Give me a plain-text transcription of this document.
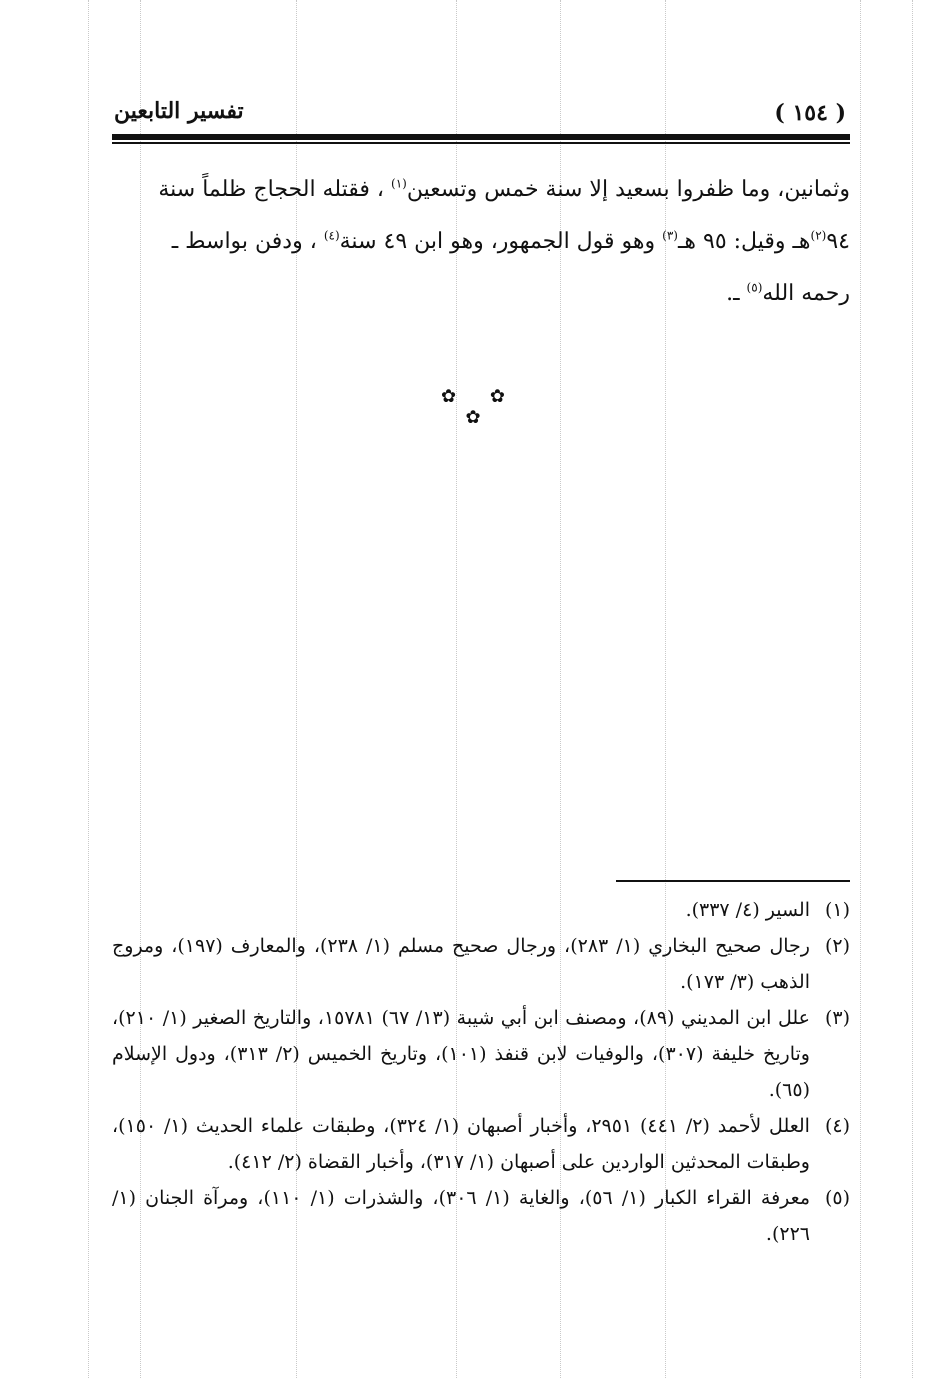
( ١٥٤ )
تفسير التابعين
وثمانين، وما ظفروا بسعيد إلا سنة خمس وتسعين$^{(١)}$ ، فقتله الحجاج ظلماً سنة
٩٤$^{(٢)}$هـ وقيل: ٩٥ هـ$^{(٣)}$ وهو قول الجمهور، وهو ابن ٤٩ سنة$^{(٤)}$ ، ودفن بواسط ـ
رحمه الله$^{(٥)}$ ـ.
✿ ✿ ✿
(١)
السير (٤/ ٣٣٧).
(٢)
رجال صحيح البخاري (١/ ٢٨٣)، ورجال صحيح مسلم (١/ ٢٣٨)، والمعارف (١٩٧)، ومروج الذهب (٣/ ١٧٣).
(٣)
علل ابن المديني (٨٩)، ومصنف ابن أبي شيبة (١٣/ ٦٧) ١٥٧٨١، والتاريخ الصغير (١/ ٢١٠)، وتاريخ خليفة (٣٠٧)، والوفيات لابن قنفذ (١٠١)، وتاريخ الخميس (٢/ ٣١٣)، ودول الإسلام (٦٥).
(٤)
العلل لأحمد (٢/ ٤٤١) ٢٩٥١، وأخبار أصبهان (١/ ٣٢٤)، وطبقات علماء الحديث (١/ ١٥٠)، وطبقات المحدثين الواردين على أصبهان (١/ ٣١٧)، وأخبار القضاة (٢/ ٤١٢).
(٥)
معرفة القراء الكبار (١/ ٥٦)، والغاية (١/ ٣٠٦)، والشذرات (١/ ١١٠)، ومرآة الجنان (١/ ٢٢٦).
